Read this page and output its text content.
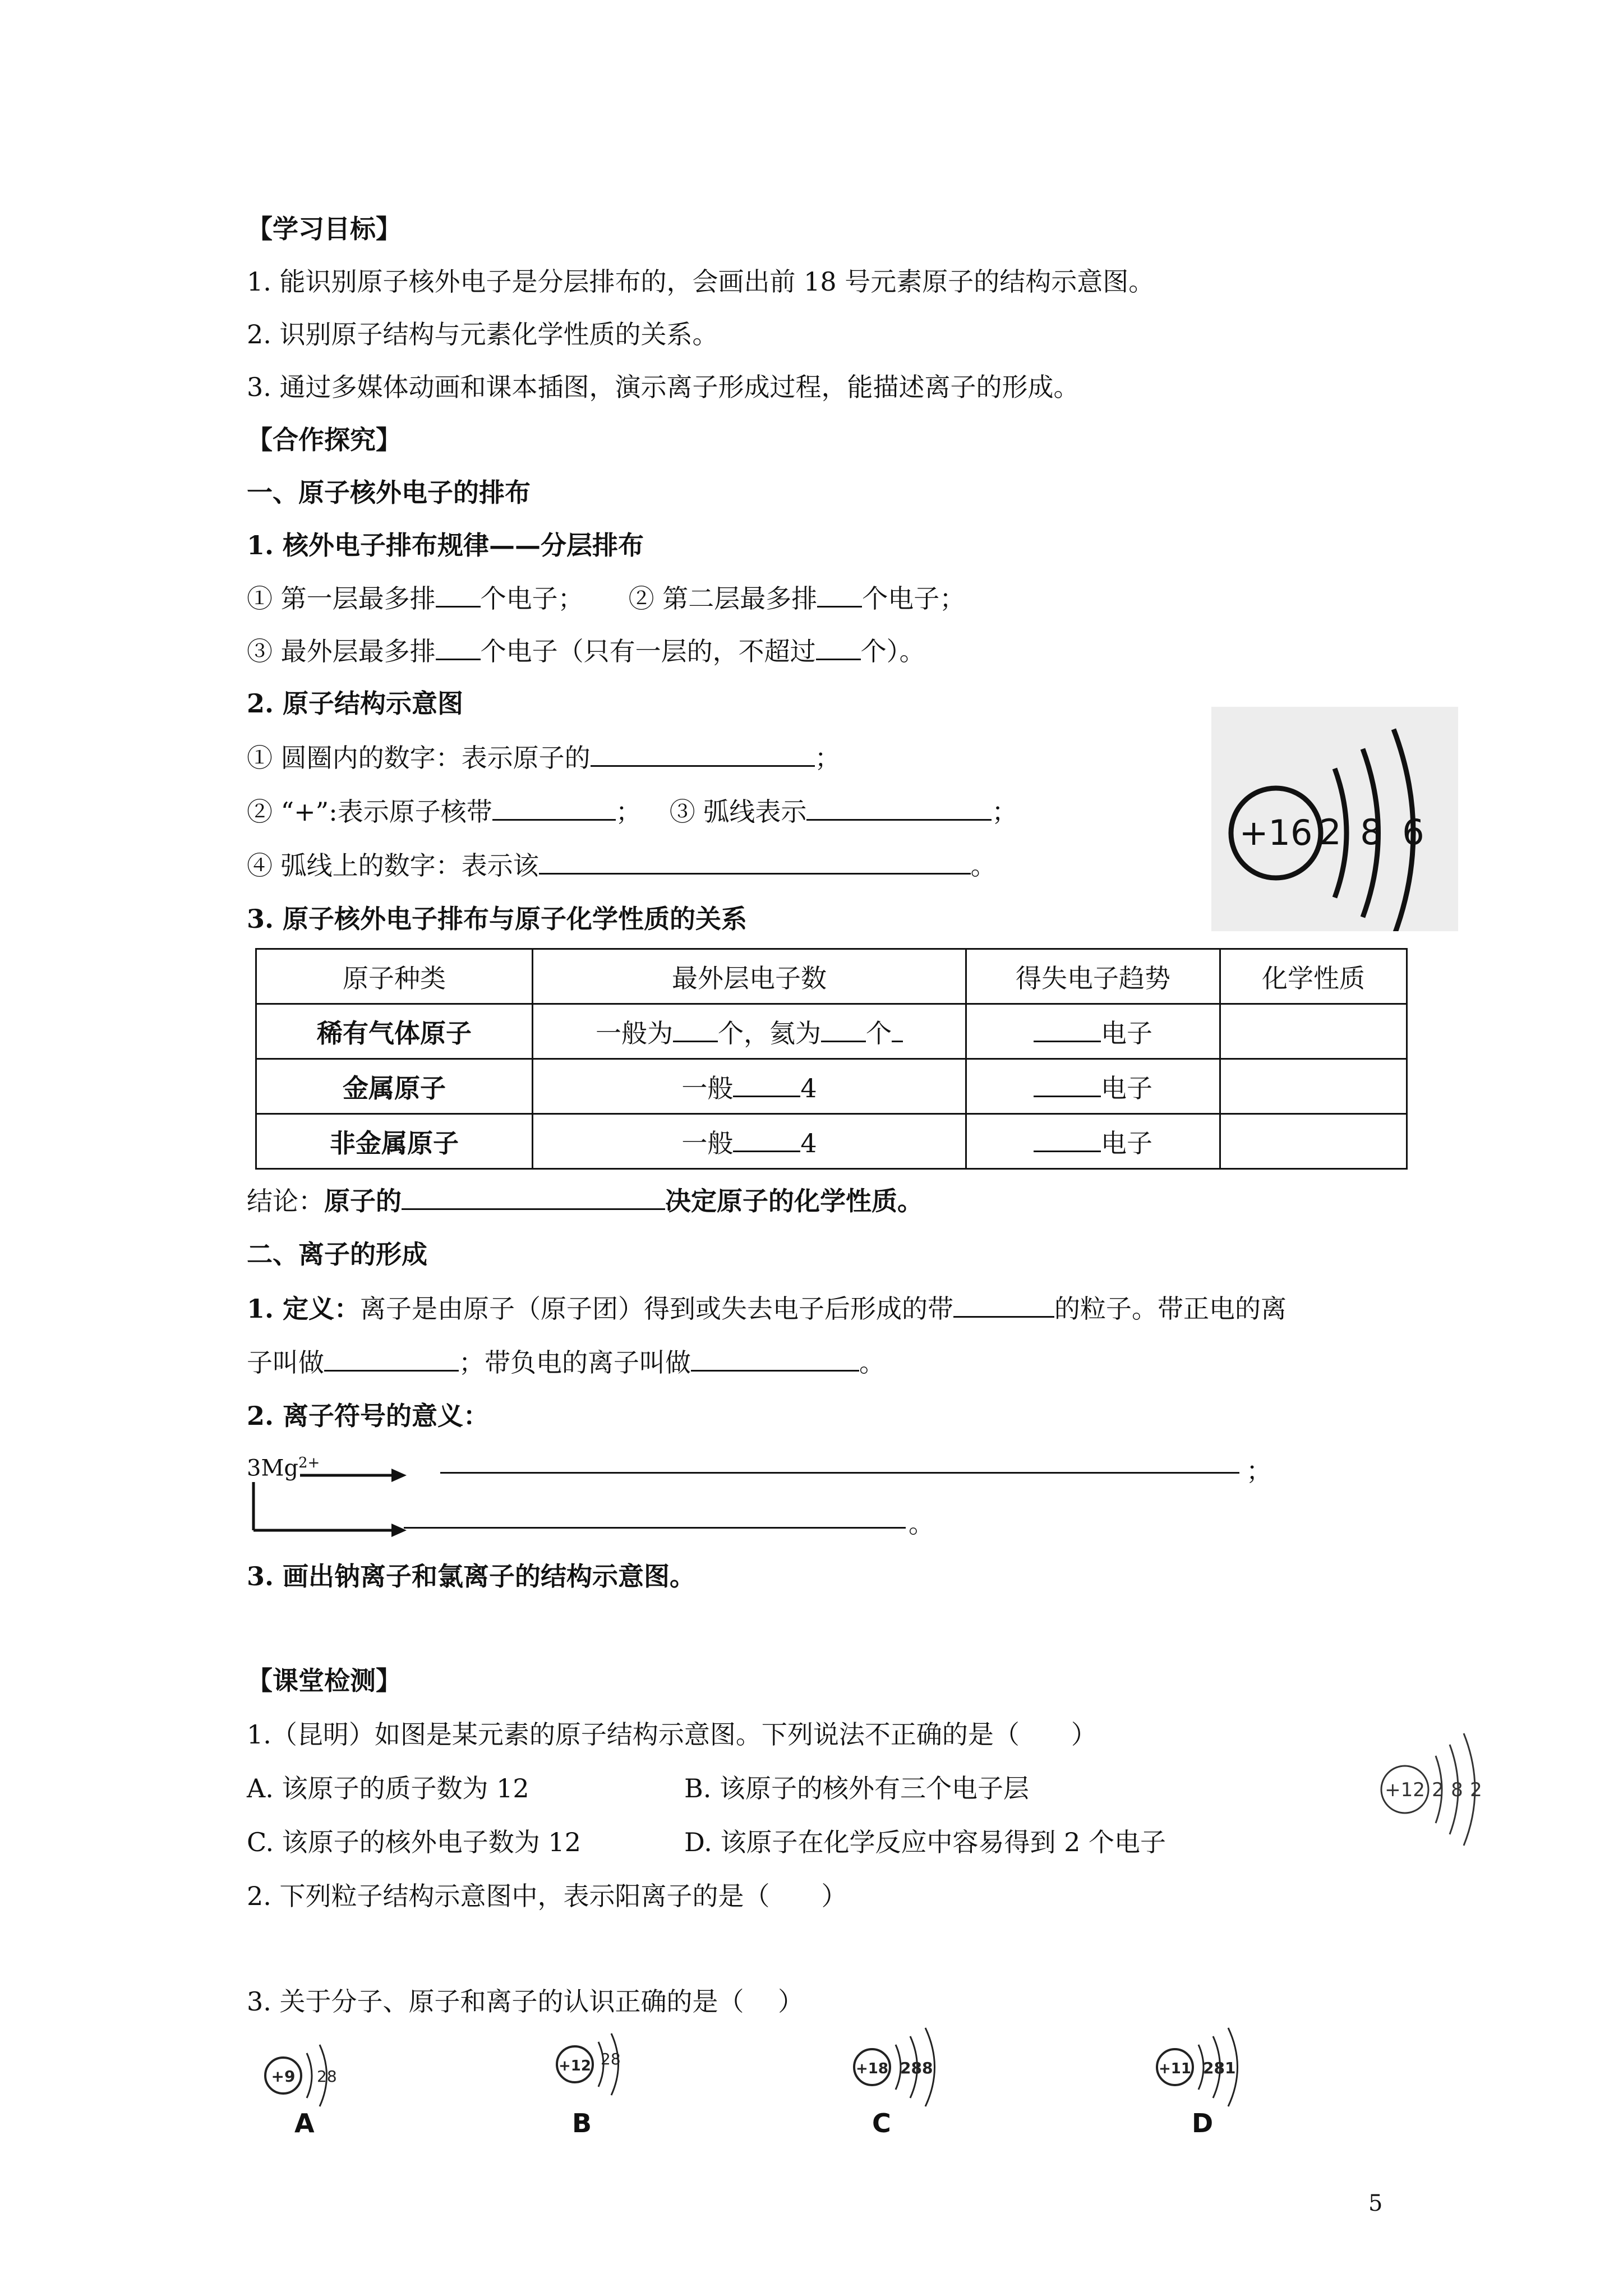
【学习目标】
1. 能识别原子核外电子是分层排布的，会画出前 18 号元素原子的结构示意图。
2. 识别原子结构与元素化学性质的关系。
3. 通过多媒体动画和课本插图，演示离子形成过程，能描述离子的形成。
【合作探究】
一、原子核外电子的排布
1. 核外电子排布规律——分层排布
① 第一层最多排 个电子； ② 第二层最多排 个电子；
③ 最外层最多排 个电子（只有一层的，不超过 个）。
2. 原子结构示意图
① 圆圈内的数字：表示原子的	；
② “+”:表示原子核带	； ③ 弧线表示	；
④ 弧线上的数字：表示该	。
+16 2 8 6
3. 原子核外电子排布与原子化学性质的关系
原子种类	最外层电子数	得失电子趋势	化学性质
稀有气体原子	一般为 个，氦为 个	电子	
金属原子	一般 4	电子	
非金属原子	一般 4	电子	
结论：原子的	决定原子的化学性质。
二、离子的形成
1. 定义：离子是由原子（原子团）得到或失去电子后形成的带	的粒子。带正电的离
子叫做	；带负电的离子叫做	。
2. 离子符号的意义：
$3Mg^{2+}$	；
。
3. 画出钠离子和氯离子的结构示意图。
【课堂检测】
1.（昆明）如图是某元素的原子结构示意图。下列说法不正确的是（　　）
A. 该原子的质子数为 12	B. 该原子的核外有三个电子层
C. 该原子的核外电子数为 12	D. 该原子在化学反应中容易得到 2 个电子
+12 2 8 2
2. 下列粒子结构示意图中，表示阳离子的是（　　）
3. 关于分子、原子和离子的认识正确的是（　 ）
+9 28
+12 28
+18 288	+11 281
A	B	C	D
5
